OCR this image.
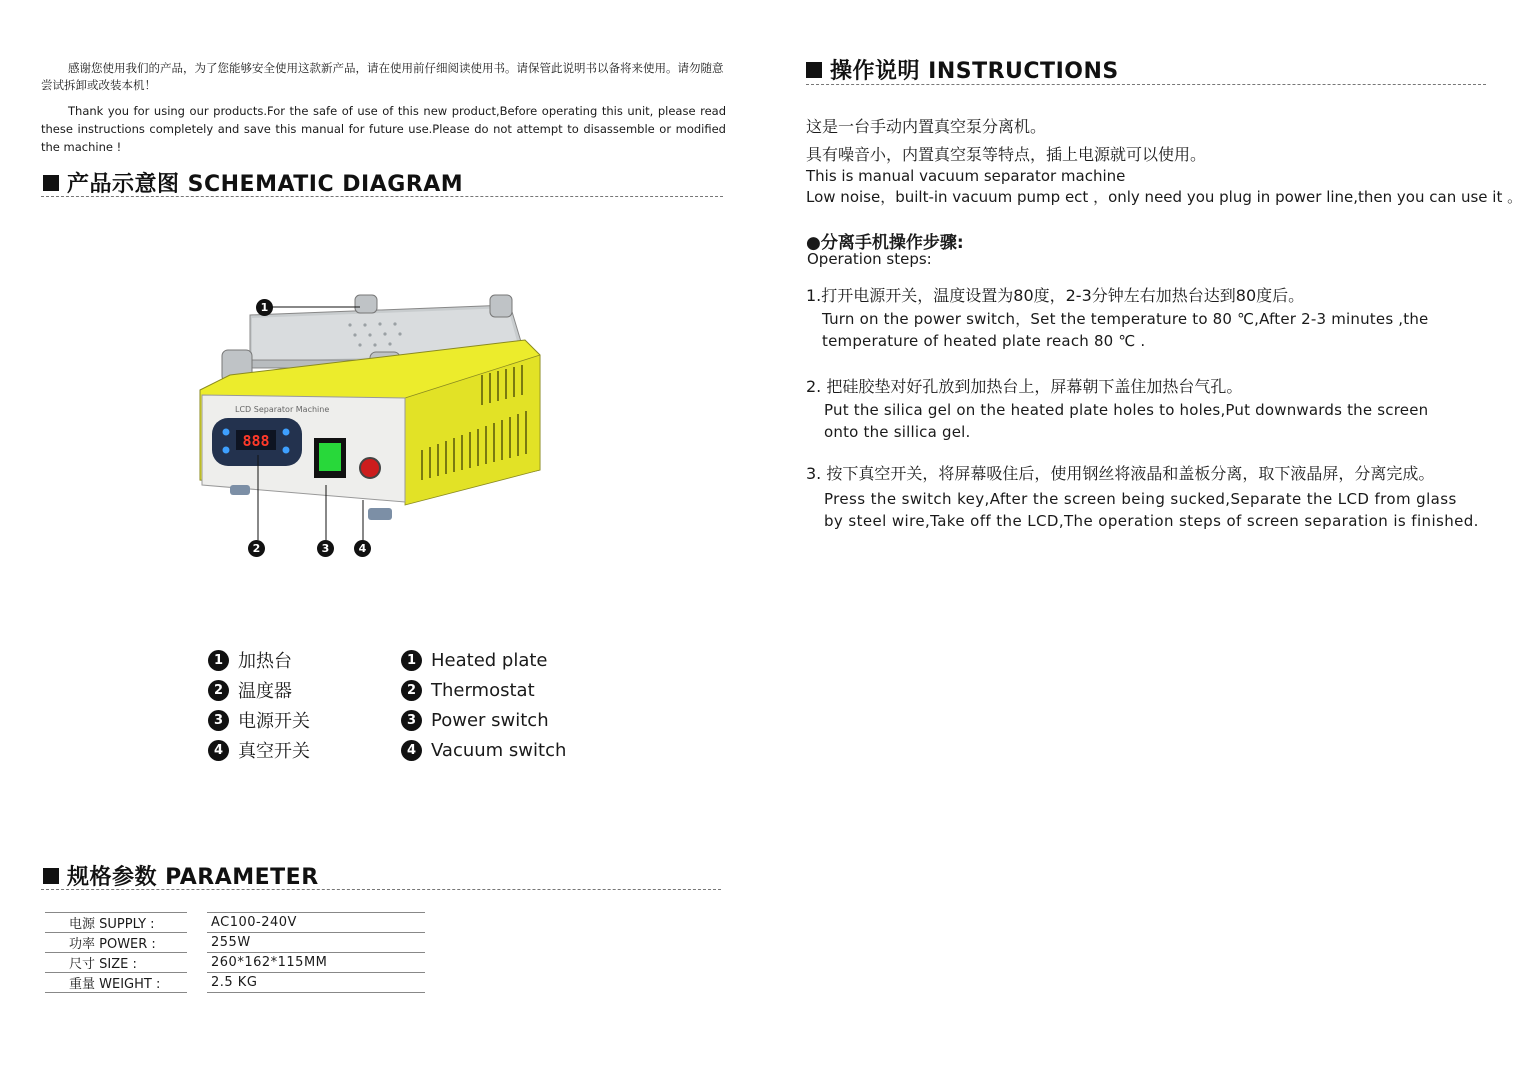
感谢您使用我们的产品，为了您能够安全使用这款新产品，请在使用前仔细阅读使用书。请保管此说明书以备将来使用。请勿随意尝试拆卸或改装本机！
Thank you for using our products.For the safe of use of this new product,Before operating this unit, please read these instructions completely and save this manual for future use.Please do not attempt to disassemble or modified the machine !
产品示意图 SCHEMATIC DIAGRAM
LCD Separator Machine
888
1
2	3	4
1 加热台
2 温度器
3 电源开关
4 真空开关
1 Heated plate
2 Thermostat
3 Power switch
4 Vacuum switch
规格参数 PARAMETER
电源 SUPPLY :		AC100-240V
功率 POWER :		255W
尺寸 SIZE :		260*162*115MM
重量 WEIGHT :		2.5 KG
操作说明 INSTRUCTIONS
这是一台手动内置真空泵分离机。
具有噪音小，内置真空泵等特点，插上电源就可以使用。
This is manual vacuum separator machine
Low noise，built-in vacuum pump ect ，only need you plug in power line,then you can use it 。
●分离手机操作步骤:
Operation steps:
1.打开电源开关，温度设置为80度，2-3分钟左右加热台达到80度后。
Turn on the power switch，Set the temperature to 80 ℃,After 2-3 minutes ,the
temperature of heated plate reach 80 ℃ .
2. 把硅胶垫对好孔放到加热台上，屏幕朝下盖住加热台气孔。
Put the silica gel on the heated plate holes to holes,Put downwards the screen
onto the sillica gel.
3. 按下真空开关，将屏幕吸住后，使用钢丝将液晶和盖板分离，取下液晶屏，分离完成。
Press the switch key,After the screen being sucked,Separate the LCD from glass
by steel wire,Take off the LCD,The operation steps of screen separation is finished.
